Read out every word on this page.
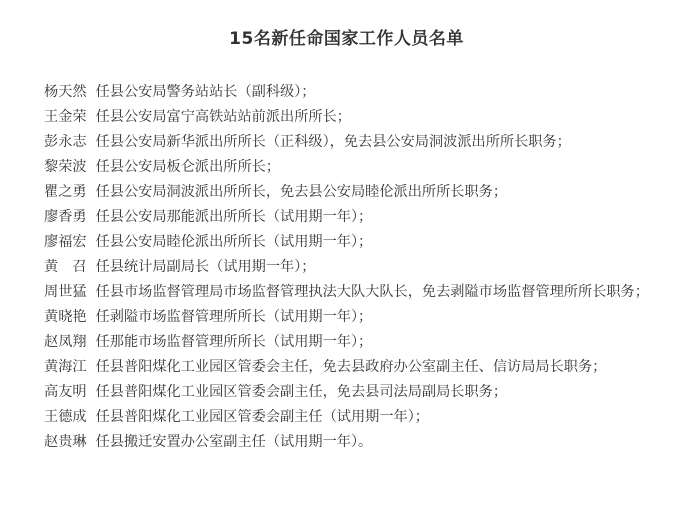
15名新任命国家工作人员名单
杨天然 任县公安局警务站站长（副科级）；
王金荣 任县公安局富宁高铁站站前派出所所长；
彭永志 任县公安局新华派出所所长（正科级），免去县公安局洞波派出所所长职务；
黎荣波 任县公安局板仑派出所所长；
瞿之勇 任县公安局洞波派出所所长，免去县公安局睦伦派出所所长职务；
廖香勇 任县公安局那能派出所所长（试用期一年）；
廖福宏 任县公安局睦伦派出所所长（试用期一年）；
黄　召 任县统计局副局长（试用期一年）；
周世猛 任县市场监督管理局市场监督管理执法大队大队长，免去剥隘市场监督管理所所长职务；
黄晓艳 任剥隘市场监督管理所所长（试用期一年）；
赵凤翔 任那能市场监督管理所所长（试用期一年）；
黄海江 任县普阳煤化工业园区管委会主任，免去县政府办公室副主任、信访局局长职务；
高友明 任县普阳煤化工业园区管委会副主任，免去县司法局副局长职务；
王德成 任县普阳煤化工业园区管委会副主任（试用期一年）；
赵贵琳 任县搬迁安置办公室副主任（试用期一年）。
